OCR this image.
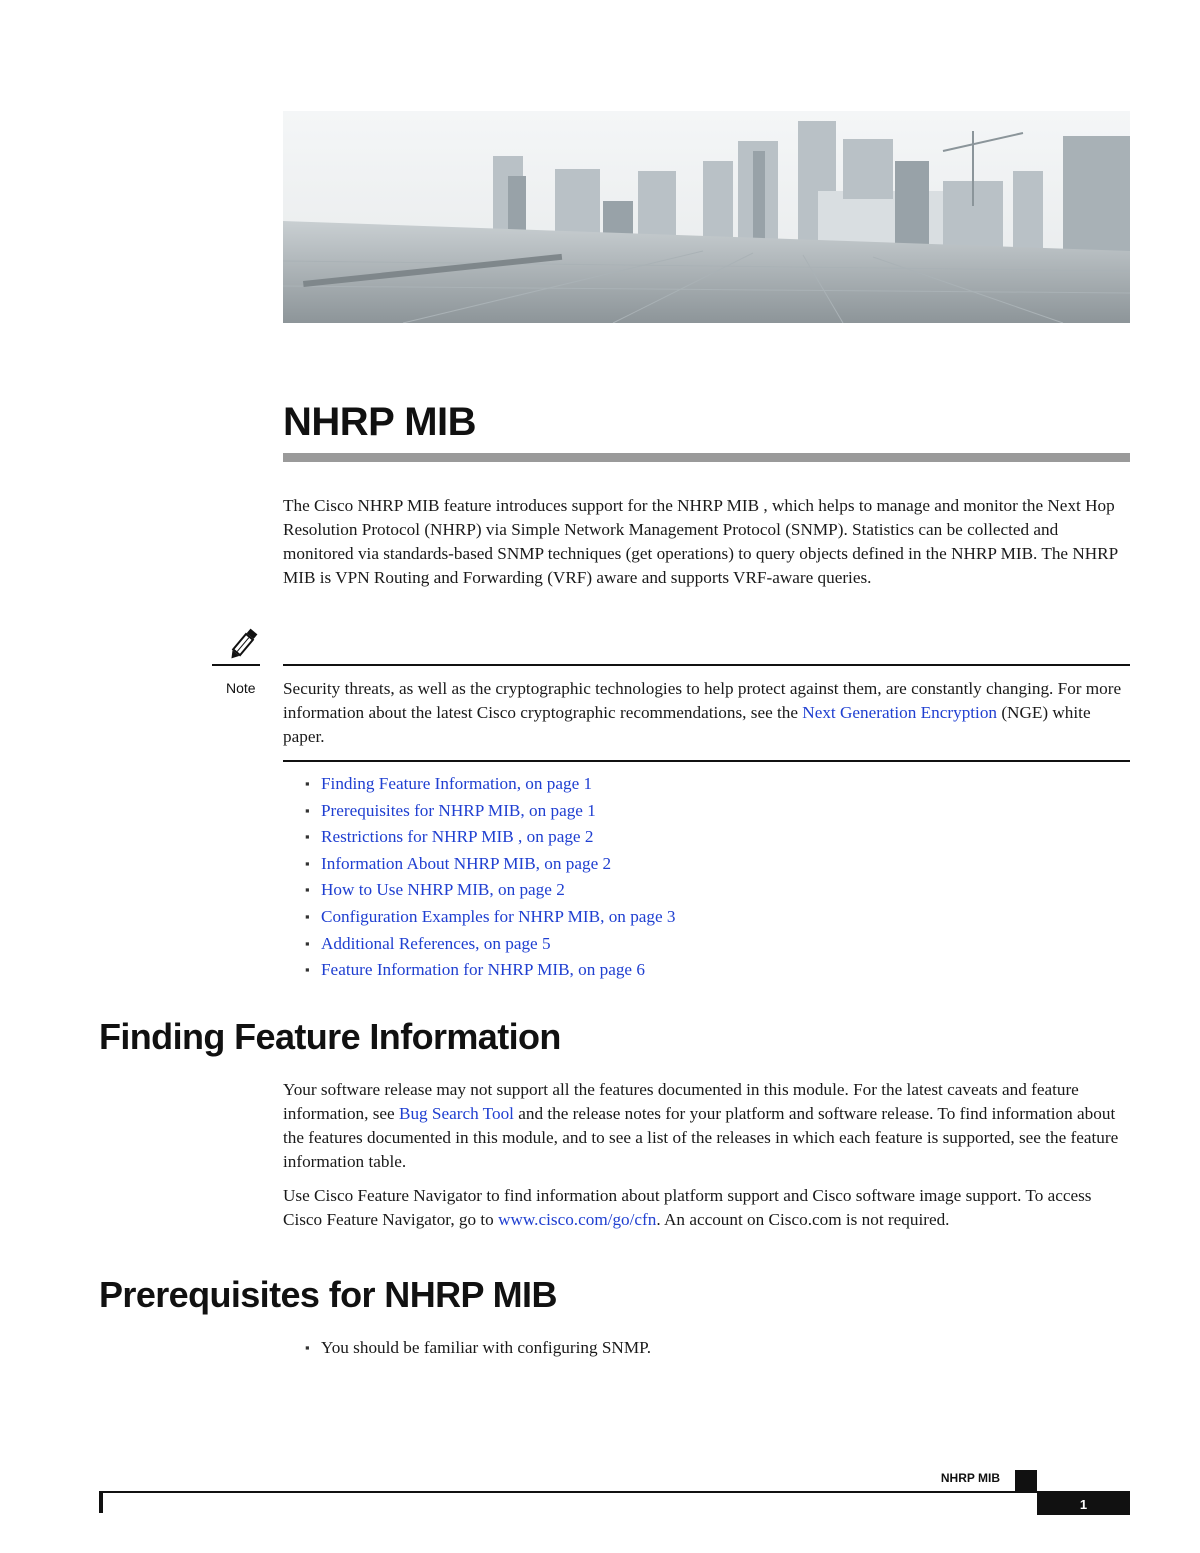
NHRP MIB

The Cisco NHRP MIB feature introduces support for the NHRP MIB , which helps to manage and monitor the Next Hop Resolution Protocol (NHRP) via Simple Network Management Protocol (SNMP). Statistics can be collected and monitored via standards-based SNMP techniques (get operations) to query objects defined in the NHRP MIB. The NHRP MIB is VPN Routing and Forwarding (VRF) aware and supports VRF-aware queries.

Note Security threats, as well as the cryptographic technologies to help protect against them, are constantly changing. For more information about the latest Cisco cryptographic recommendations, see the Next Generation Encryption (NGE) white paper.

▪ Finding Feature Information, on page 1
▪ Prerequisites for NHRP MIB, on page 1
▪ Restrictions for NHRP MIB , on page 2
▪ Information About NHRP MIB, on page 2
▪ How to Use NHRP MIB, on page 2
▪ Configuration Examples for NHRP MIB, on page 3
▪ Additional References, on page 5
▪ Feature Information for NHRP MIB, on page 6
Finding Feature Information

Your software release may not support all the features documented in this module. For the latest caveats and feature information, see Bug Search Tool and the release notes for your platform and software release. To find information about the features documented in this module, and to see a list of the releases in which each feature is supported, see the feature information table.

Use Cisco Feature Navigator to find information about platform support and Cisco software image support. To access Cisco Feature Navigator, go to www.cisco.com/go/cfn. An account on Cisco.com is not required.

Prerequisites for NHRP MIB
▪ You should be familiar with configuring SNMP.
NHRP MIB
1
